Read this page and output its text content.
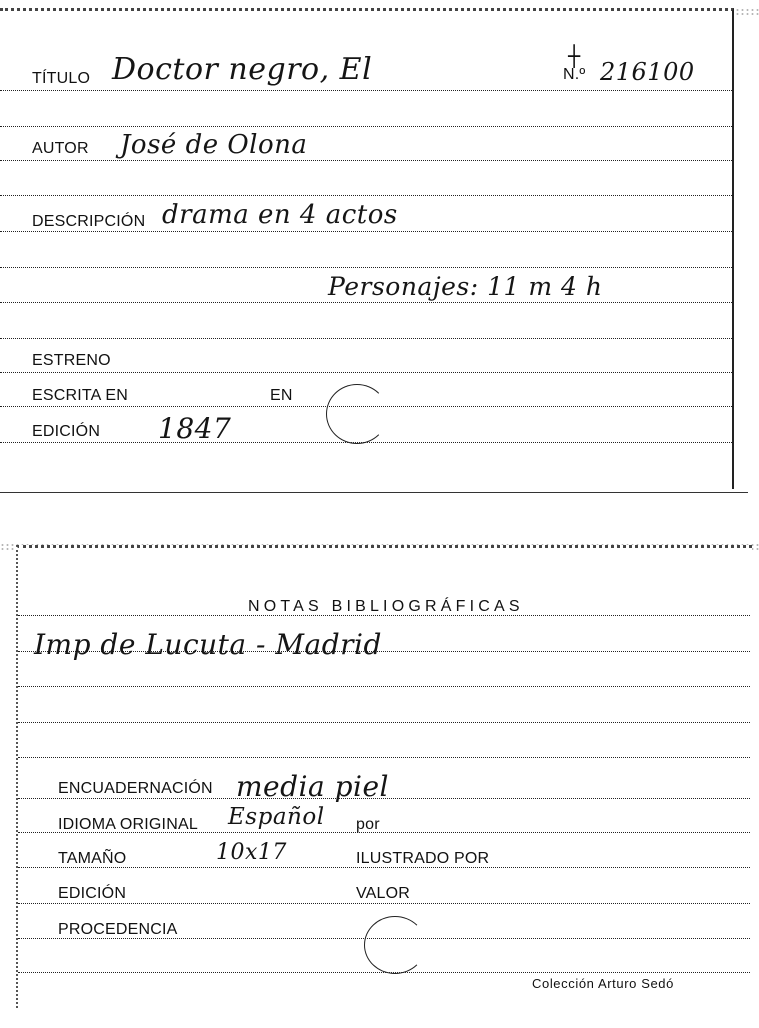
TÍTULO Doctor negro, El	┼
N.º 216100
AUTOR José de Olona
DESCRIPCIÓN drama en 4 actos
Personajes: 11 m 4 h
ESTRENO
ESCRITA EN	EN
EDICIÓN 1847
NOTAS BIBLIOGRÁFICAS
Imp de Lucuta - Madrid
ENCUADERNACIÓN media piel
IDIOMA ORIGINAL Español por
TAMAÑO	10x17	ILUSTRADO POR
EDICIÓN	VALOR
PROCEDENCIA
Colección Arturo Sedó
